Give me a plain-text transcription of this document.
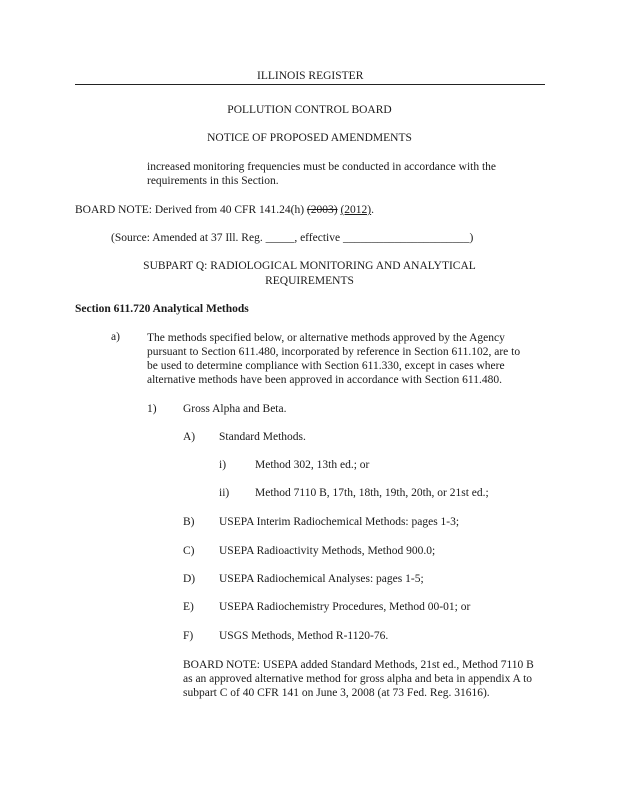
ILLINOIS REGISTER
POLLUTION CONTROL BOARD
NOTICE OF PROPOSED AMENDMENTS
increased monitoring frequencies must be conducted in accordance with the requirements in this Section.
BOARD NOTE: Derived from 40 CFR 141.24(h) (2003) (2012).
(Source: Amended at 37 Ill. Reg. _____, effective ______________________)
SUBPART Q: RADIOLOGICAL MONITORING AND ANALYTICAL
REQUIREMENTS
Section 611.720 Analytical Methods
a) The methods specified below, or alternative methods approved by the Agency pursuant to Section 611.480, incorporated by reference in Section 611.102, are to be used to determine compliance with Section 611.330, except in cases where alternative methods have been approved in accordance with Section 611.480.
1) Gross Alpha and Beta.
A) Standard Methods.
i)	Method 302, 13th ed.; or
ii) Method 7110 B, 17th, 18th, 19th, 20th, or 21st ed.;
B) USEPA Interim Radiochemical Methods: pages 1-3;
C) USEPA Radioactivity Methods, Method 900.0;
D) USEPA Radiochemical Analyses: pages 1-5;
E) USEPA Radiochemistry Procedures, Method 00-01; or
F) USGS Methods, Method R-1120-76.
BOARD NOTE: USEPA added Standard Methods, 21st ed., Method 7110 B as an approved alternative method for gross alpha and beta in appendix A to subpart C of 40 CFR 141 on June 3, 2008 (at 73 Fed. Reg. 31616).
